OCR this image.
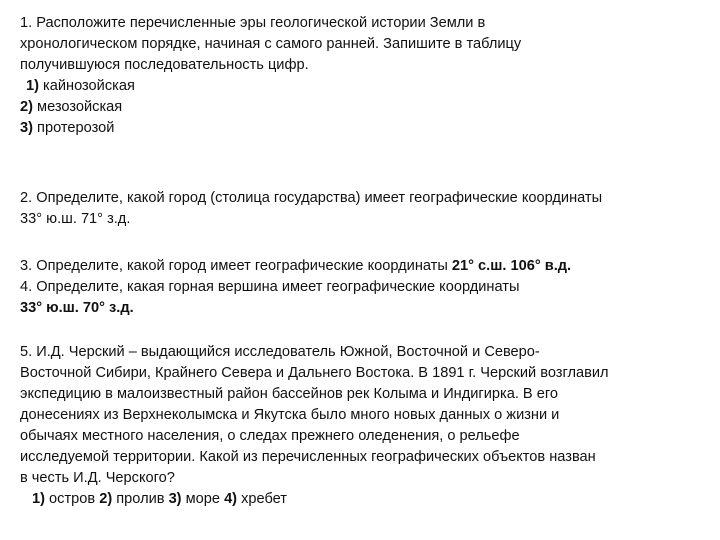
1. Расположите перечисленные эры геологической истории Земли в
хронологическом порядке, начиная с самого ранней. Запишите в таблицу
получившуюся последовательность цифр.
1) кайнозойская
2) мезозойская
3) протерозой
2. Определите, какой город (столица государства) имеет географические координаты
33° ю.ш. 71° з.д.
3. Определите, какой город имеет географические координаты 21° с.ш. 106° в.д.
4. Определите, какая горная вершина имеет географические координаты
33° ю.ш. 70° з.д.
5. И.Д. Черский – выдающийся исследователь Южной, Восточной и Северо-
Восточной Сибири, Крайнего Севера и Дальнего Востока. В 1891 г. Черский возглавил
экспедицию в малоизвестный район бассейнов рек Колыма и Индигирка. В его
донесениях из Верхнеколымска и Якутска было много новых данных о жизни и
обычаях местного населения, о следах прежнего оледенения, о рельефе
исследуемой территории. Какой из перечисленных географических объектов назван
в честь И.Д. Черского?
1) остров 2) пролив 3) море 4) хребет
